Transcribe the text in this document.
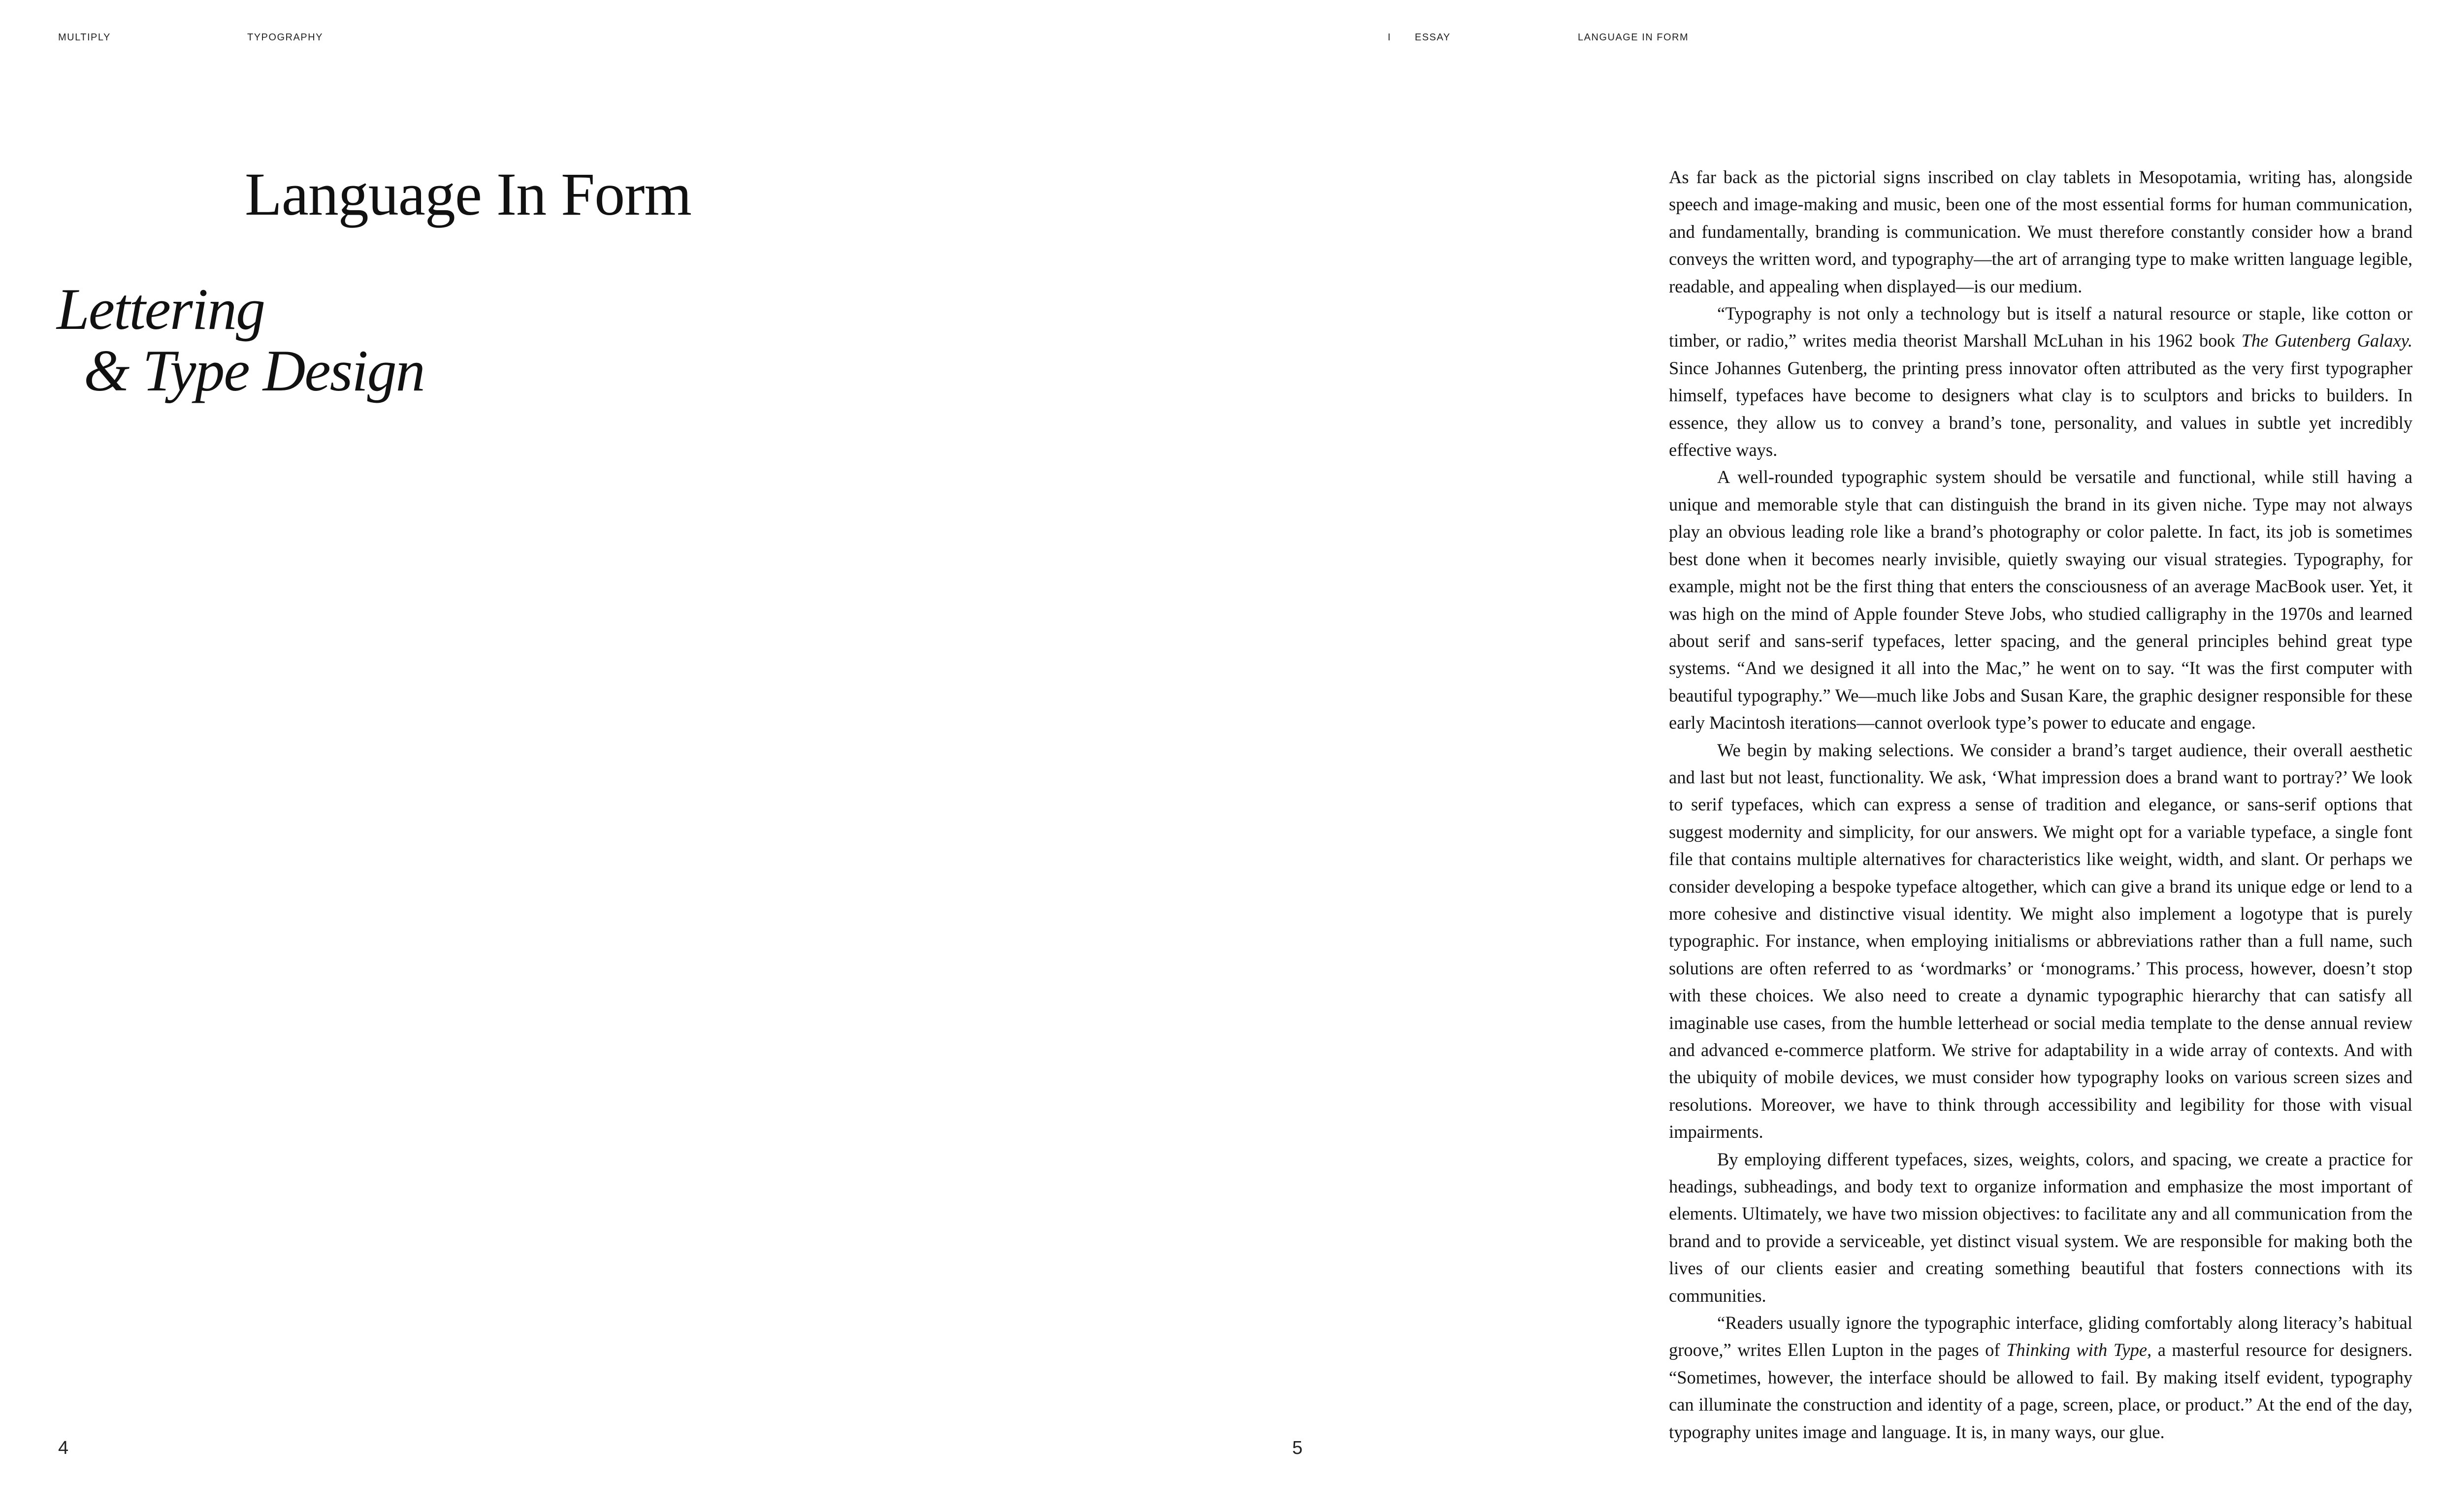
MULTIPLY	TYPOGRAPHY	I ESSAY	LANGUAGE IN FORM
Language In Form
Lettering
& Type Design

As far back as the pictorial signs inscribed on clay tablets in Mesopotamia, writing has, alongside speech and image-making and music, been one of the most essential forms for human communication, and fundamentally, branding is communication. We must therefore constantly consider how a brand conveys the written word, and typography—the art of arranging type to make written language legible, readable, and appealing when displayed—is our medium.

“Typography is not only a technology but is itself a natural resource or staple, like cotton or timber, or radio,” writes media theorist Marshall McLuhan in his 1962 book The Gutenberg Galaxy. Since Johannes Gutenberg, the printing press innovator often attributed as the very first typographer himself, typefaces have become to designers what clay is to sculptors and bricks to builders. In essence, they allow us to convey a brand’s tone, personality, and values in subtle yet incredibly effective ways.

A well-rounded typographic system should be versatile and functional, while still having a unique and memorable style that can distinguish the brand in its given niche. Type may not always play an obvious leading role like a brand’s photography or color palette. In fact, its job is sometimes best done when it becomes nearly invisible, quietly swaying our visual strategies. Typography, for example, might not be the first thing that enters the consciousness of an average MacBook user. Yet, it was high on the mind of Apple founder Steve Jobs, who studied calligraphy in the 1970s and learned about serif and sans-serif typefaces, letter spacing, and the general principles behind great type systems. “And we designed it all into the Mac,” he went on to say. “It was the first computer with beautiful typography.” We—much like Jobs and Susan Kare, the graphic designer responsible for these early Macintosh iterations—cannot overlook type’s power to educate and engage.

We begin by making selections. We consider a brand’s target audience, their overall aesthetic and last but not least, functionality. We ask, ‘What impression does a brand want to portray?’ We look to serif typefaces, which can express a sense of tradition and elegance, or sans-serif options that suggest modernity and simplicity, for our answers. We might opt for a variable typeface, a single font file that contains multiple alternatives for characteristics like weight, width, and slant. Or perhaps we consider developing a bespoke typeface altogether, which can give a brand its unique edge or lend to a more cohesive and distinctive visual identity. We might also implement a logotype that is purely typographic. For instance, when employing initialisms or abbreviations rather than a full name, such solutions are often referred to as ‘wordmarks’ or ‘monograms.’ This process, however, doesn’t stop with these choices. We also need to create a dynamic typographic hierarchy that can satisfy all imaginable use cases, from the humble letterhead or social media template to the dense annual review and advanced e-commerce platform. We strive for adaptability in a wide array of contexts. And with the ubiquity of mobile devices, we must consider how typography looks on various screen sizes and resolutions. Moreover, we have to think through accessibility and legibility for those with visual impairments.

By employing different typefaces, sizes, weights, colors, and spacing, we create a practice for headings, subheadings, and body text to organize information and emphasize the most important of elements. Ultimately, we have two mission objectives: to facilitate any and all communication from the brand and to provide a serviceable, yet distinct visual system. We are responsible for making both the lives of our clients easier and creating something beautiful that fosters connections with its communities.

“Readers usually ignore the typographic interface, gliding comfortably along literacy’s habitual groove,” writes Ellen Lupton in the pages of Thinking with Type, a masterful resource for designers. “Sometimes, however, the interface should be allowed to fail. By making itself evident, typography can illuminate the construction and identity of a page, screen, place, or product.” At the end of the day, typography unites image and language. It is, in many ways, our glue.

4	5
